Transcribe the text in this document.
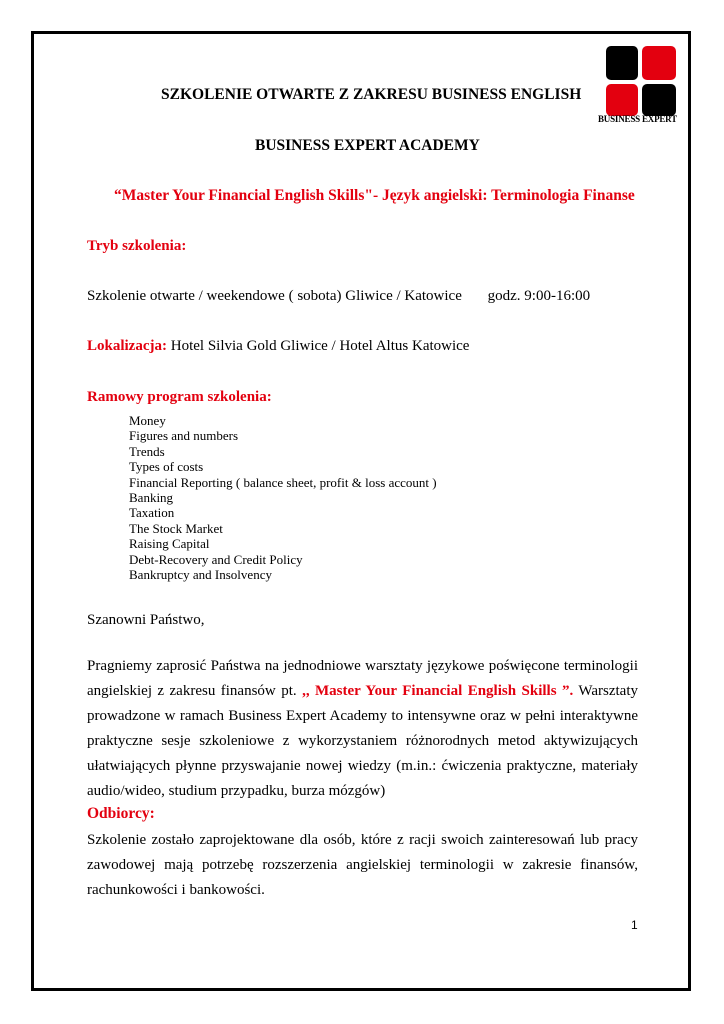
BUSINESS EXPERT
SZKOLENIE OTWARTE Z ZAKRESU BUSINESS ENGLISH
BUSINESS EXPERT ACADEMY
“Master Your Financial English Skills"- Język angielski: Terminologia Finanse
Tryb szkolenia:
Szkolenie otwarte / weekendowe ( sobota) Gliwice / Katowice godz. 9:00-16:00
Lokalizacja: Hotel Silvia Gold Gliwice / Hotel Altus Katowice
Ramowy program szkolenia:
Money
Figures and numbers
Trends
Types of costs
Financial Reporting ( balance sheet, profit & loss account )
Banking
Taxation
The Stock Market
Raising Capital
Debt-Recovery and Credit Policy
Bankruptcy and Insolvency
Szanowni Państwo,
Pragniemy zaprosić Państwa na jednodniowe warsztaty językowe poświęcone terminologii angielskiej z zakresu finansów pt. ,, Master Your Financial English Skills ”. Warsztaty prowadzone w ramach Business Expert Academy to intensywne oraz w pełni interaktywne praktyczne sesje szkoleniowe z wykorzystaniem różnorodnych metod aktywizujących ułatwiających płynne przyswajanie nowej wiedzy (m.in.: ćwiczenia praktyczne, materiały audio/wideo, studium przypadku, burza mózgów)
Odbiorcy:
Szkolenie zostało zaprojektowane dla osób, które z racji swoich zainteresowań lub pracy zawodowej mają potrzebę rozszerzenia angielskiej terminologii w zakresie finansów, rachunkowości i bankowości.
1
